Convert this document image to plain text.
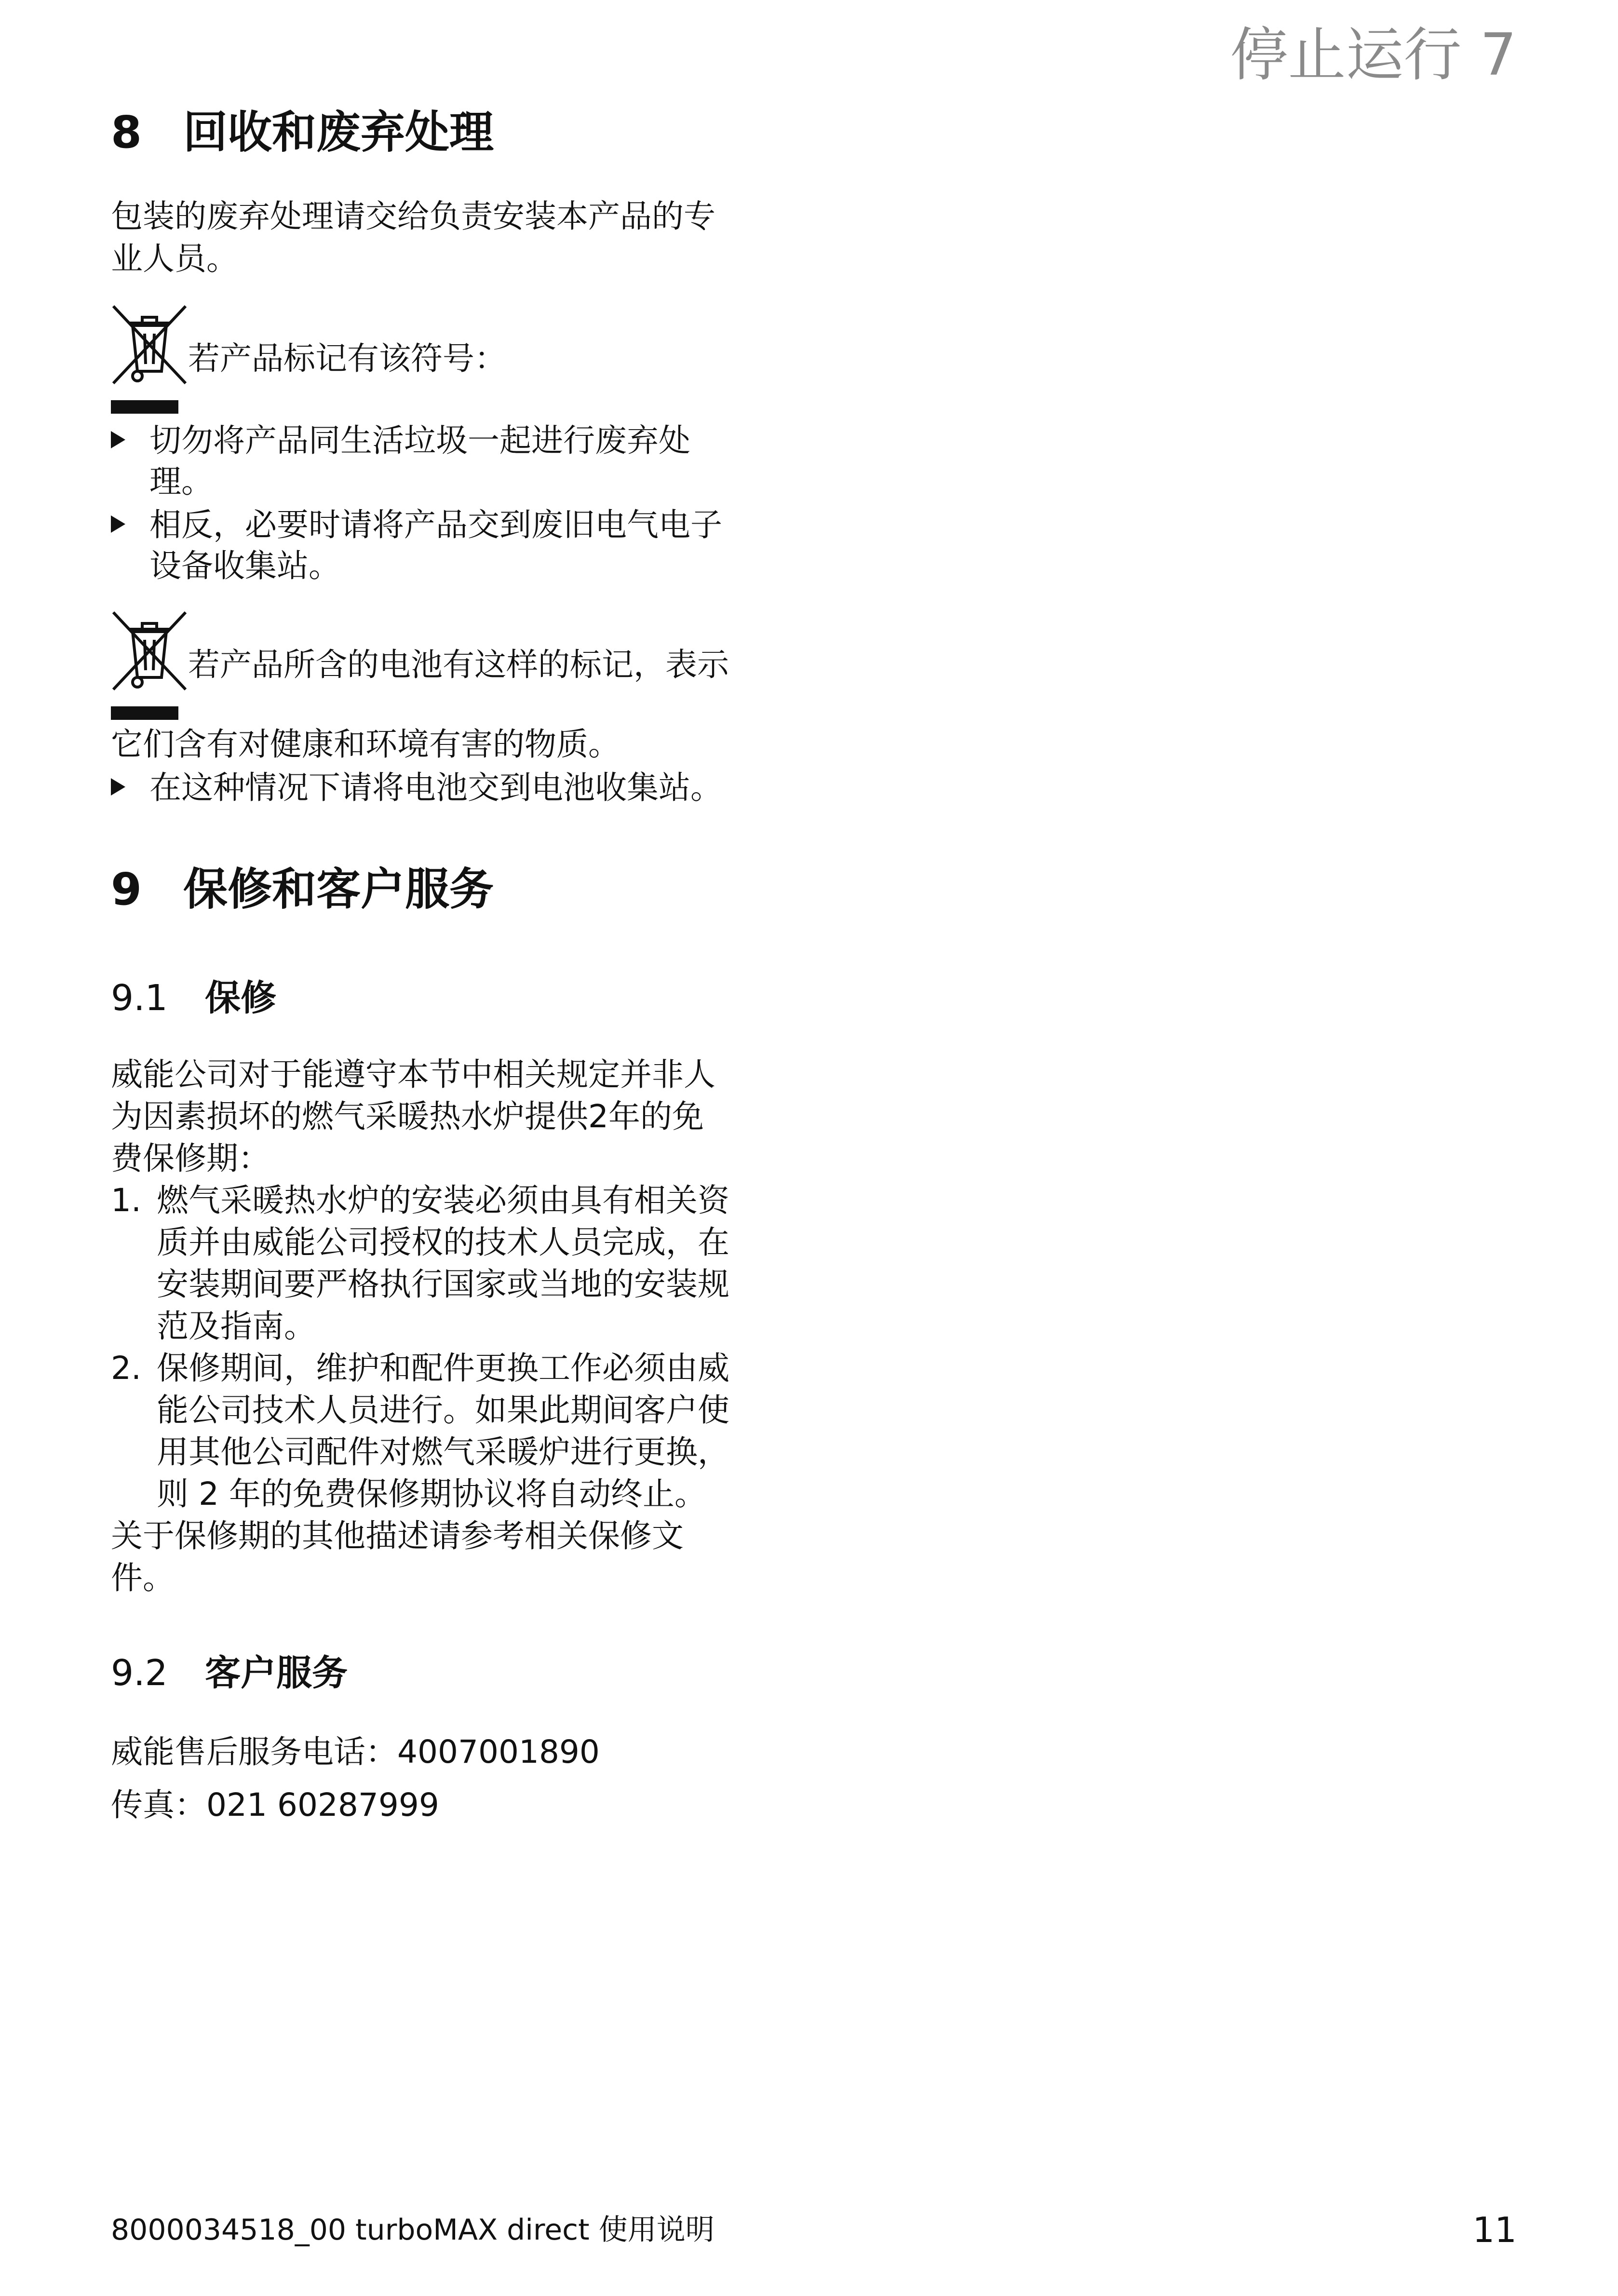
停止运行 7
8 回收和废弃处理
包装的废弃处理请交给负责安装本产品的专
业人员。
若产品标记有该符号：
切勿将产品同生活垃圾一起进行废弃处
理。
相反，必要时请将产品交到废旧电气电子
设备收集站。
若产品所含的电池有这样的标记，表示
它们含有对健康和环境有害的物质。
在这种情况下请将电池交到电池收集站。
9 保修和客户服务
9.1 保修
威能公司对于能遵守本节中相关规定并非人
为因素损坏的燃气采暖热水炉提供2年的免
费保修期：
1. 燃气采暖热水炉的安装必须由具有相关资
质并由威能公司授权的技术人员完成，在
安装期间要严格执行国家或当地的安装规
范及指南。
2. 保修期间，维护和配件更换工作必须由威
能公司技术人员进行。如果此期间客户使
用其他公司配件对燃气采暖炉进行更换，
则 2 年的免费保修期协议将自动终止。
关于保修期的其他描述请参考相关保修文
件。
9.2 客户服务
威能售后服务电话：4007001890
传真：021 60287999
8000034518_00 turboMAX direct 使用说明	11
